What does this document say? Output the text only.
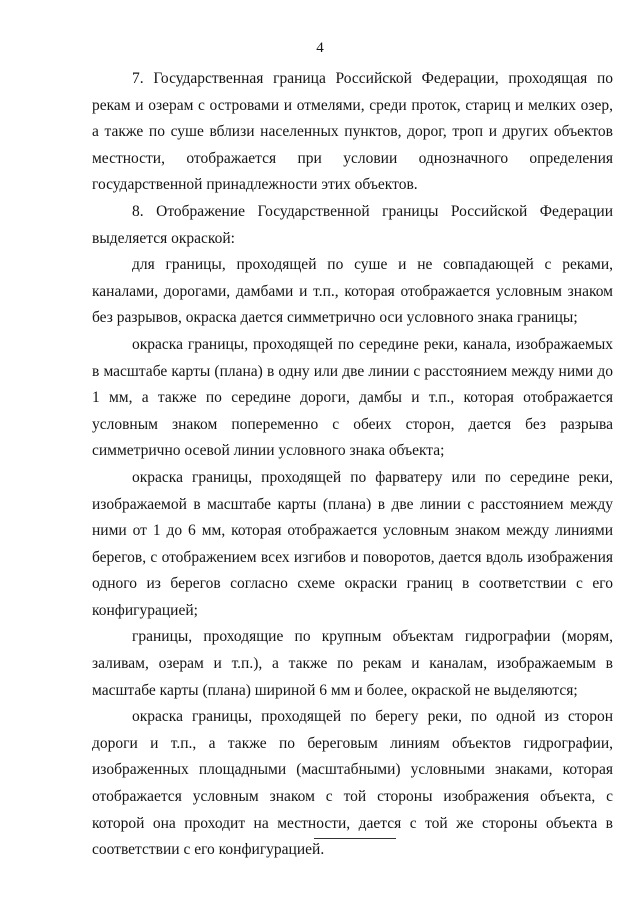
4

7. Государственная граница Российской Федерации, проходящая по рекам и озерам с островами и отмелями, среди проток, стариц и мелких озер, а также по суше вблизи населенных пунктов, дорог, троп и других объектов местности, отображается при условии однозначного определения государственной принадлежности этих объектов.

8. Отображение Государственной границы Российской Федерации выделяется окраской:

для границы, проходящей по суше и не совпадающей с реками, каналами, дорогами, дамбами и т.п., которая отображается условным знаком без разрывов, окраска дается симметрично оси условного знака границы;

окраска границы, проходящей по середине реки, канала, изображаемых в масштабе карты (плана) в одну или две линии с расстоянием между ними до 1 мм, а также по середине дороги, дамбы и т.п., которая отображается условным знаком попеременно с обеих сторон, дается без разрыва симметрично осевой линии условного знака объекта;

окраска границы, проходящей по фарватеру или по середине реки, изображаемой в масштабе карты (плана) в две линии с расстоянием между ними от 1 до 6 мм, которая отображается условным знаком между линиями берегов, с отображением всех изгибов и поворотов, дается вдоль изображения одного из берегов согласно схеме окраски границ в соответствии с его конфигурацией;

границы, проходящие по крупным объектам гидрографии (морям, заливам, озерам и т.п.), а также по рекам и каналам, изображаемым в масштабе карты (плана) шириной 6 мм и более, окраской не выделяются;

окраска границы, проходящей по берегу реки, по одной из сторон дороги и т.п., а также по береговым линиям объектов гидрографии, изображенных площадными (масштабными) условными знаками, которая отображается условным знаком с той стороны изображения объекта, с которой она проходит на местности, дается с той же стороны объекта в соответствии с его конфигурацией.
